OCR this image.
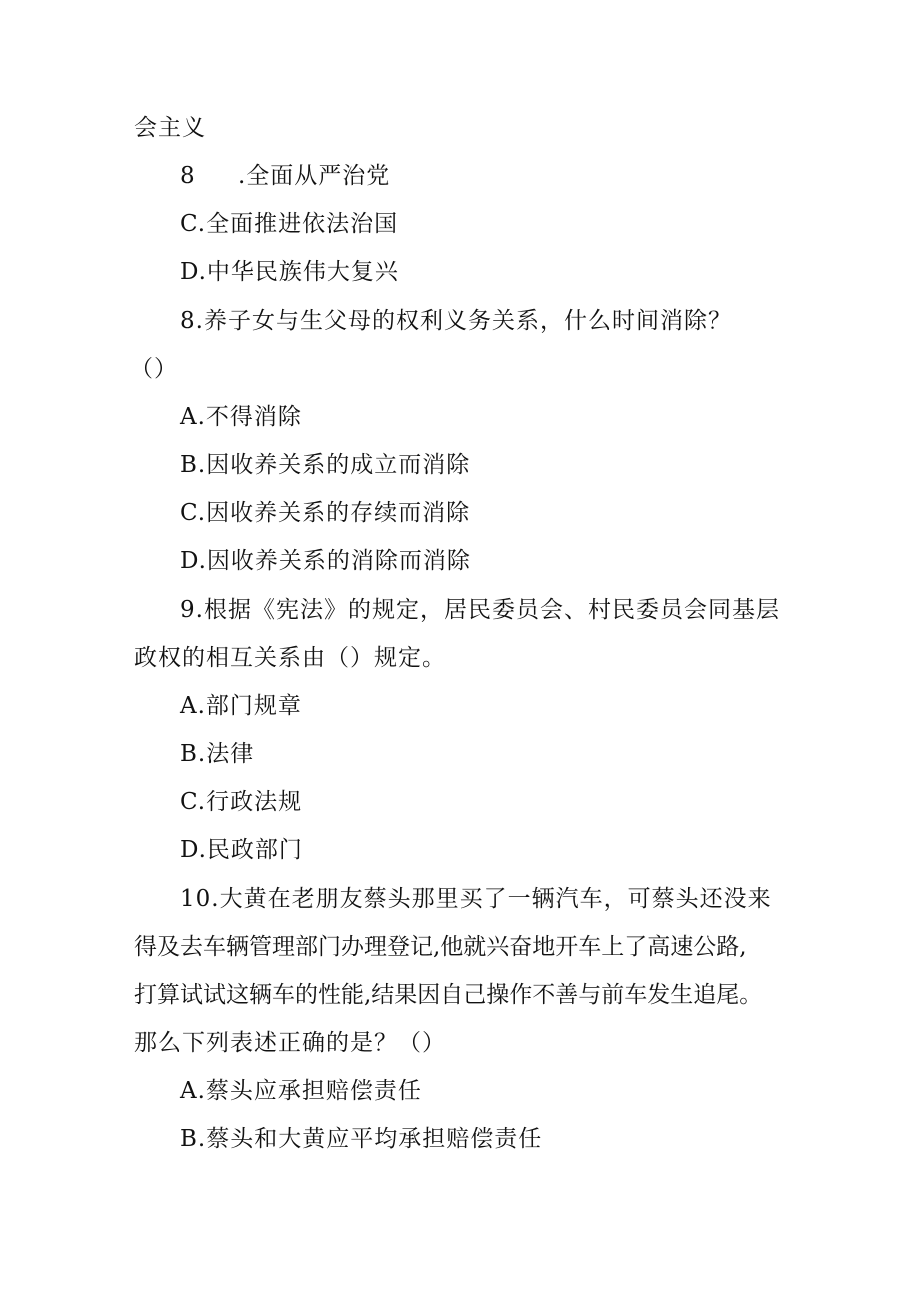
会主义
8 .全面从严治党
C.全面推进依法治国
D.中华民族伟大复兴
8.养子女与生父母的权利义务关系，什么时间消除？
（）
A.不得消除
B.因收养关系的成立而消除
C.因收养关系的存续而消除
D.因收养关系的消除而消除
9.根据《宪法》的规定，居民委员会、村民委员会同基层
政权的相互关系由（）规定。
A.部门规章
B.法律
C.行政法规
D.民政部门
10.大黄在老朋友蔡头那里买了一辆汽车，可蔡头还没来
得及去车辆管理部门办理登记,他就兴奋地开车上了高速公路,
打算试试这辆车的性能,结果因自己操作不善与前车发生追尾。
那么下列表述正确的是？（）
A.蔡头应承担赔偿责任
B.蔡头和大黄应平均承担赔偿责任
